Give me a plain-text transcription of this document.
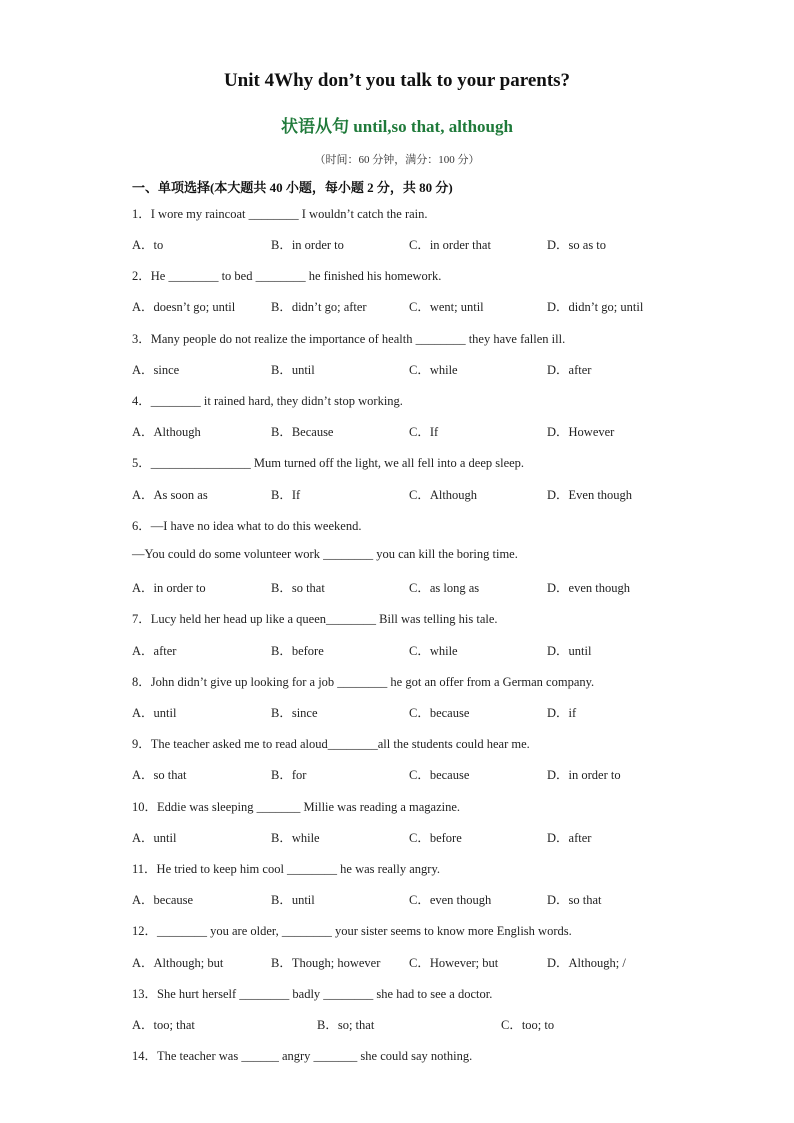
Unit 4Why don’t you talk to your parents?
状语从句 until,so that, although
（时间：60 分钟，满分：100 分）
一、单项选择(本大题共 40 小题，每小题 2 分，共 80 分)
1．I wore my raincoat ________ I wouldn’t catch the rain.
A．to	B．in order to	C．in order that	D．so as to
2．He ________ to bed ________ he finished his homework.
A．doesn’t go; until	B．didn’t go; after	C．went; until	D．didn’t go; until
3．Many people do not realize the importance of health ________ they have fallen ill.
A．since	B．until	C．while	D．after
4．________ it rained hard, they didn’t stop working.
A．Although	B．Because	C．If	D．However
5．________________ Mum turned off the light, we all fell into a deep sleep.
A．As soon as	B．If	C．Although	D．Even though
6．—I have no idea what to do this weekend.
—You could do some volunteer work ________ you can kill the boring time.
A．in order to	B．so that	C．as long as	D．even though
7．Lucy held her head up like a queen________ Bill was telling his tale.
A．after	B．before	C．while	D．until
8．John didn’t give up looking for a job ________ he got an offer from a German company.
A．until	B．since	C．because	D．if
9．The teacher asked me to read aloud________all the students could hear me.
A．so that	B．for	C．because	D．in order to
10．Eddie was sleeping _______ Millie was reading a magazine.
A．until	B．while	C．before	D．after
11．He tried to keep him cool ________ he was really angry.
A．because	B．until	C．even though	D．so that
12．________ you are older, ________ your sister seems to know more English words.
A．Although; but	B．Though; however C．However; but	D．Although; /
13．She hurt herself ________ badly ________ she had to see a doctor.
A．too; that	B．so; that	C．too; to
14．The teacher was ______ angry _______ she could say nothing.
